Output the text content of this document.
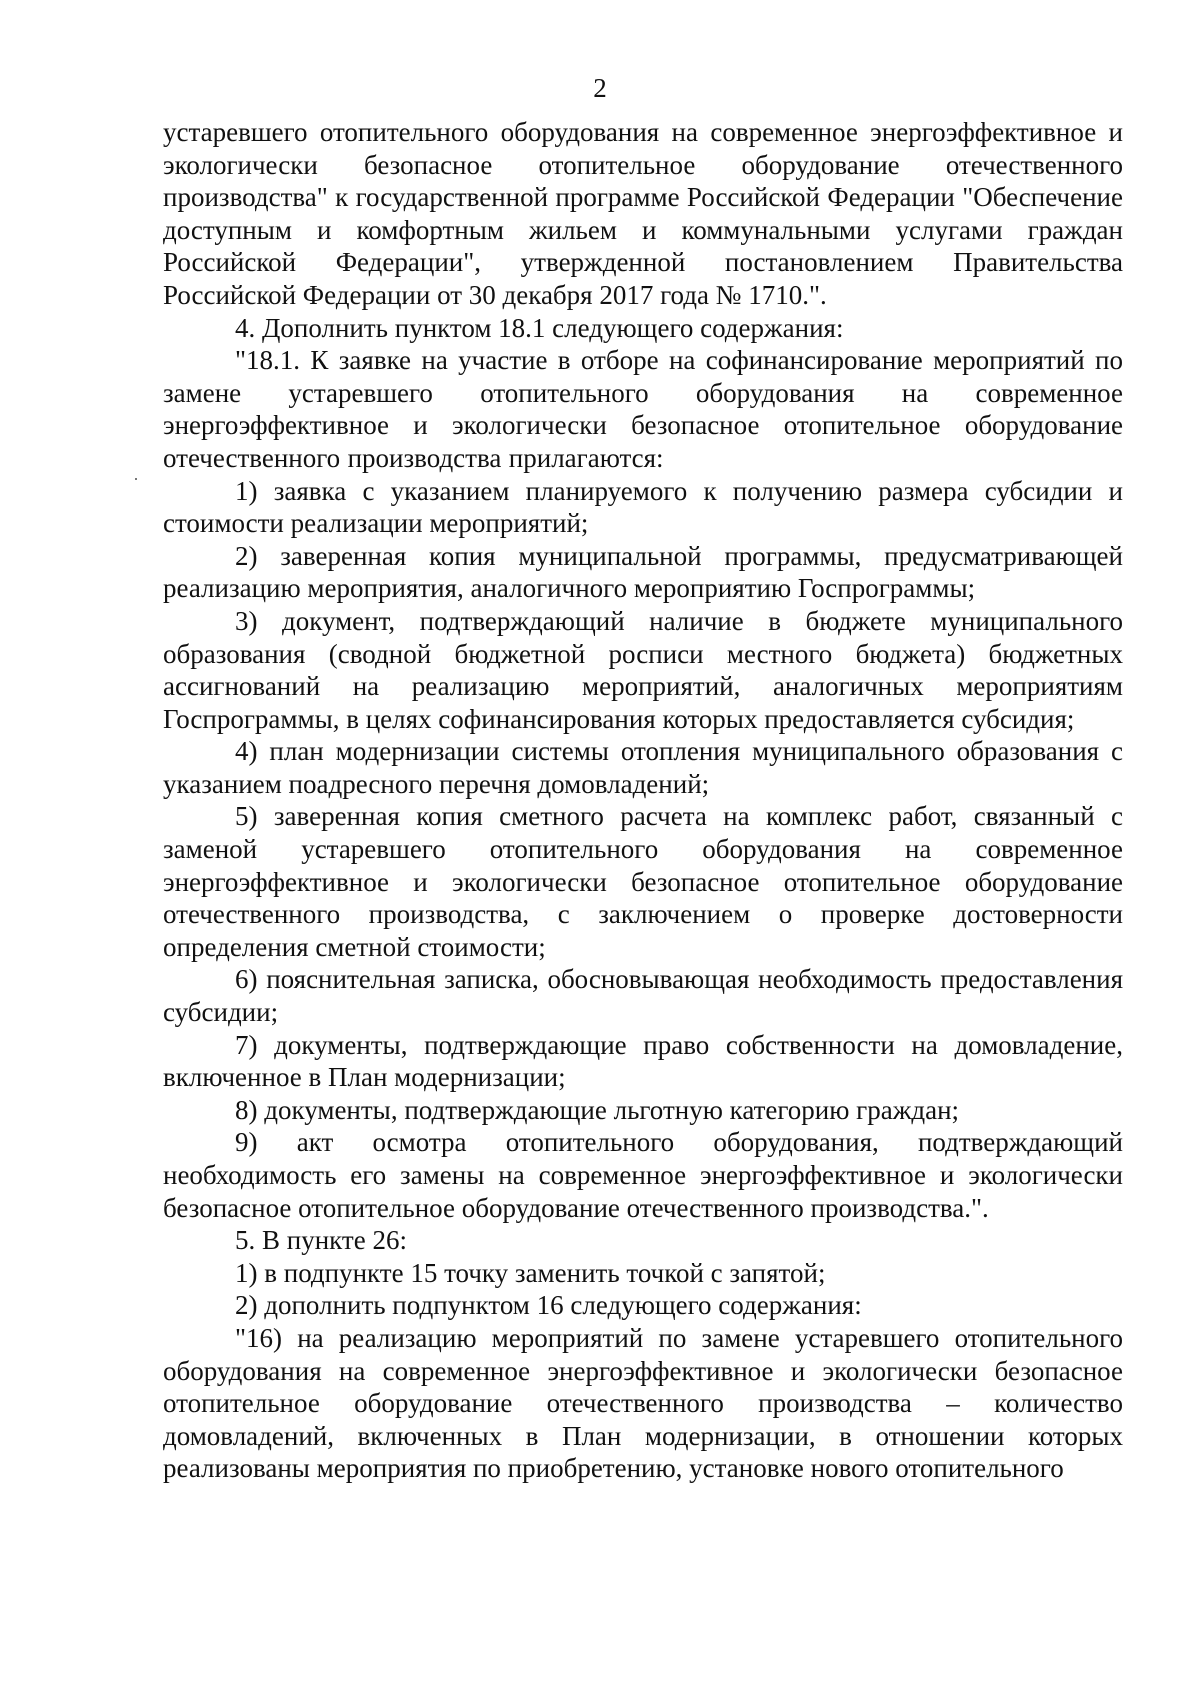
2

устаревшего отопительного оборудования на современное энергоэффективное и экологически безопасное отопительное оборудование отечественного производства" к государственной программе Российской Федерации "Обеспечение доступным и комфортным жильем и коммунальными услугами граждан Российской Федерации", утвержденной постановлением Правительства Российской Федерации от 30 декабря 2017 года № 1710.".

4. Дополнить пунктом 18.1 следующего содержания:

"18.1. К заявке на участие в отборе на софинансирование мероприятий по замене устаревшего отопительного оборудования на современное энергоэффективное и экологически безопасное отопительное оборудование отечественного производства прилагаются:

1) заявка с указанием планируемого к получению размера субсидии и стоимости реализации мероприятий;

2) заверенная копия муниципальной программы, предусматривающей реализацию мероприятия, аналогичного мероприятию Госпрограммы;

3) документ, подтверждающий наличие в бюджете муниципального образования (сводной бюджетной росписи местного бюджета) бюджетных ассигнований на реализацию мероприятий, аналогичных мероприятиям Госпрограммы, в целях софинансирования которых предоставляется субсидия;

4) план модернизации системы отопления муниципального образования с указанием поадресного перечня домовладений;

5) заверенная копия сметного расчета на комплекс работ, связанный с заменой устаревшего отопительного оборудования на современное энергоэффективное и экологически безопасное отопительное оборудование отечественного производства, с заключением о проверке достоверности определения сметной стоимости;

6) пояснительная записка, обосновывающая необходимость предоставления субсидии;

7) документы, подтверждающие право собственности на домовладение, включенное в План модернизации;

8) документы, подтверждающие льготную категорию граждан;

9) акт осмотра отопительного оборудования, подтверждающий необходимость его замены на современное энергоэффективное и экологически безопасное отопительное оборудование отечественного производства.".

5. В пункте 26:

1) в подпункте 15 точку заменить точкой с запятой;

2) дополнить подпунктом 16 следующего содержания:

"16) на реализацию мероприятий по замене устаревшего отопительного оборудования на современное энергоэффективное и экологически безопасное отопительное оборудование отечественного производства – количество домовладений, включенных в План модернизации, в отношении которых реализованы мероприятия по приобретению, установке нового отопительного
